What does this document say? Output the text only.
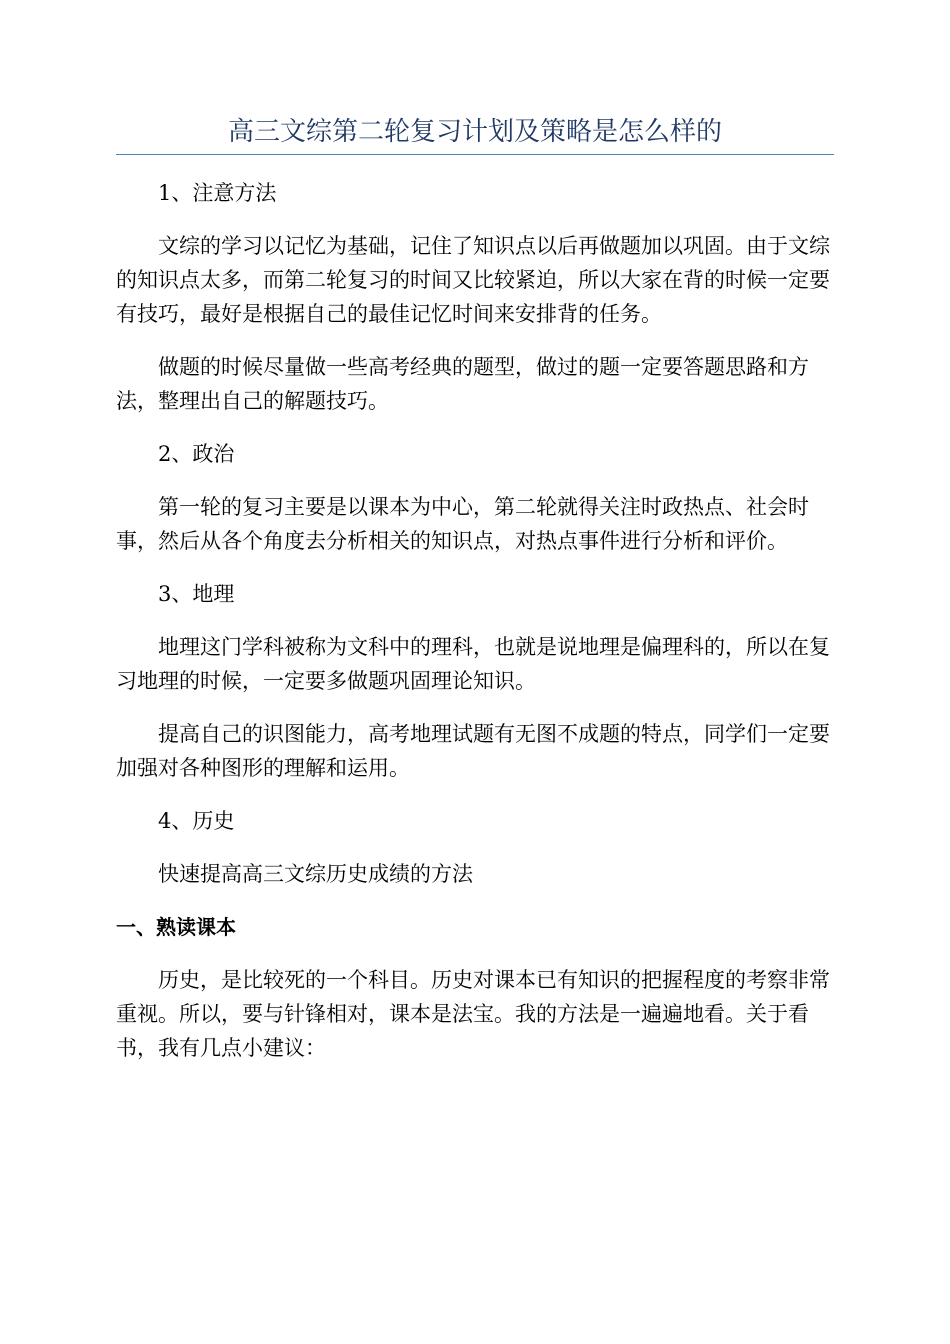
高三文综第二轮复习计划及策略是怎么样的

1、注意方法

文综的学习以记忆为基础，记住了知识点以后再做题加以巩固。由于文综的知识点太多，而第二轮复习的时间又比较紧迫，所以大家在背的时候一定要有技巧，最好是根据自己的最佳记忆时间来安排背的任务。

做题的时候尽量做一些高考经典的题型，做过的题一定要答题思路和方法，整理出自己的解题技巧。

2、政治

第一轮的复习主要是以课本为中心，第二轮就得关注时政热点、社会时事，然后从各个角度去分析相关的知识点，对热点事件进行分析和评价。

3、地理

地理这门学科被称为文科中的理科，也就是说地理是偏理科的，所以在复习地理的时候，一定要多做题巩固理论知识。

提高自己的识图能力，高考地理试题有无图不成题的特点，同学们一定要加强对各种图形的理解和运用。

4、历史

快速提高高三文综历史成绩的方法

一、熟读课本

历史，是比较死的一个科目。历史对课本已有知识的把握程度的考察非常重视。所以，要与针锋相对，课本是法宝。我的方法是一遍遍地看。关于看书，我有几点小建议：
